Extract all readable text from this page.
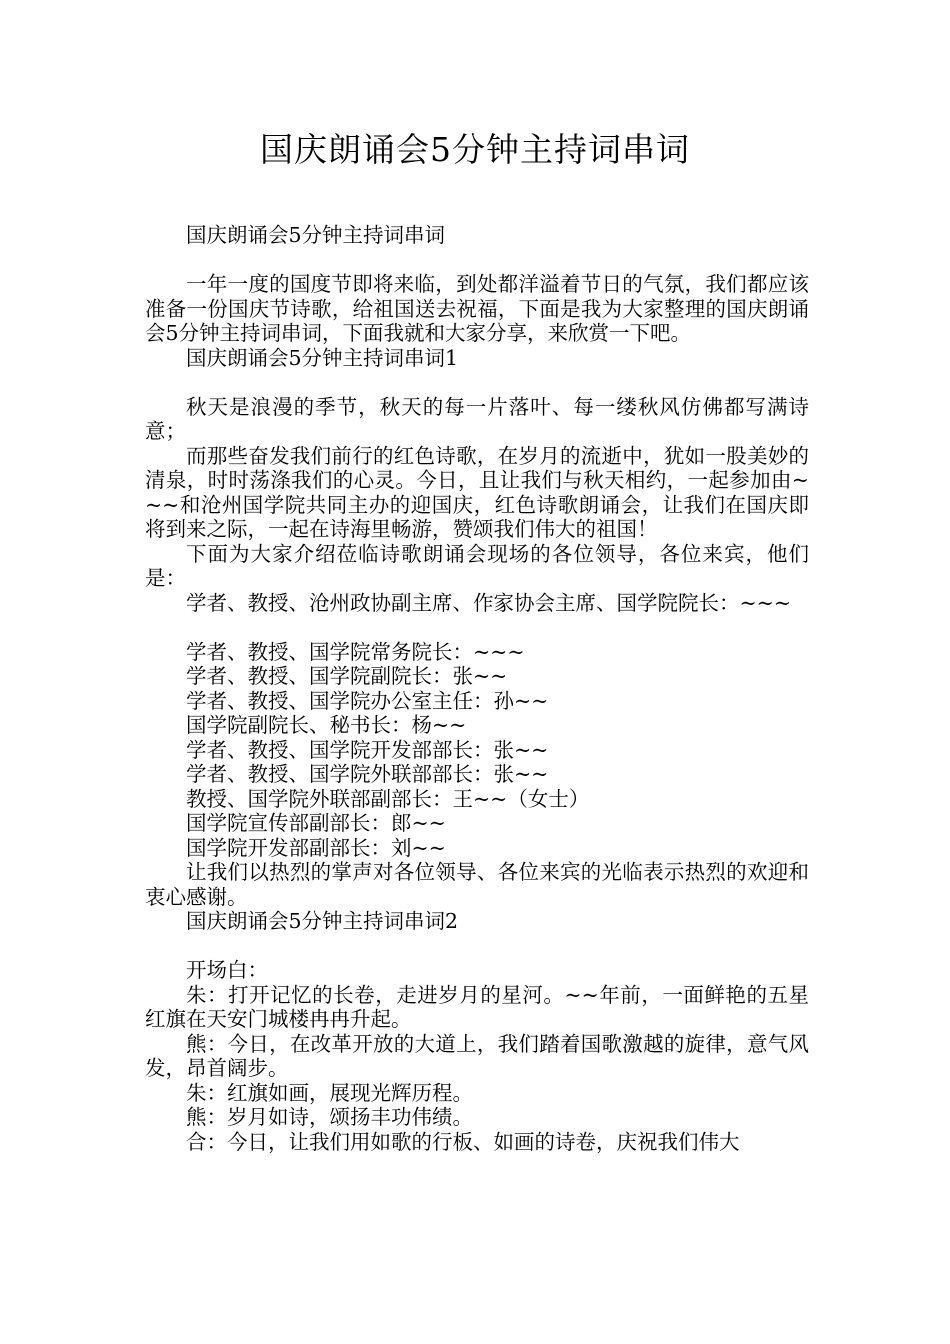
国庆朗诵会5分钟主持词串词

国庆朗诵会5分钟主持词串词

一年一度的国度节即将来临，到处都洋溢着节日的气氛，我们都应该准备一份国庆节诗歌，给祖国送去祝福，下面是我为大家整理的国庆朗诵会5分钟主持词串词，下面我就和大家分享，来欣赏一下吧。

国庆朗诵会5分钟主持词串词1

秋天是浪漫的季节，秋天的每一片落叶、每一缕秋风仿佛都写满诗意；

而那些奋发我们前行的红色诗歌，在岁月的流逝中，犹如一股美妙的清泉，时时荡涤我们的心灵。今日，且让我们与秋天相约，一起参加由~~~和沧州国学院共同主办的迎国庆，红色诗歌朗诵会，让我们在国庆即将到来之际，一起在诗海里畅游，赞颂我们伟大的祖国！

下面为大家介绍莅临诗歌朗诵会现场的各位领导，各位来宾，他们是：

学者、教授、沧州政协副主席、作家协会主席、国学院院长：~~~

学者、教授、国学院常务院长：~~~

学者、教授、国学院副院长：张~~

学者、教授、国学院办公室主任：孙~~

国学院副院长、秘书长：杨~~

学者、教授、国学院开发部部长：张~~

学者、教授、国学院外联部部长：张~~

教授、国学院外联部副部长：王~~（女士）

国学院宣传部副部长：郎~~

国学院开发部副部长：刘~~

让我们以热烈的掌声对各位领导、各位来宾的光临表示热烈的欢迎和衷心感谢。

国庆朗诵会5分钟主持词串词2

开场白：

朱：打开记忆的长卷，走进岁月的星河。~~年前，一面鲜艳的五星红旗在天安门城楼冉冉升起。

熊：今日，在改革开放的大道上，我们踏着国歌激越的旋律，意气风发，昂首阔步。

朱：红旗如画，展现光辉历程。

熊：岁月如诗，颂扬丰功伟绩。

合：今日，让我们用如歌的行板、如画的诗卷，庆祝我们伟大
